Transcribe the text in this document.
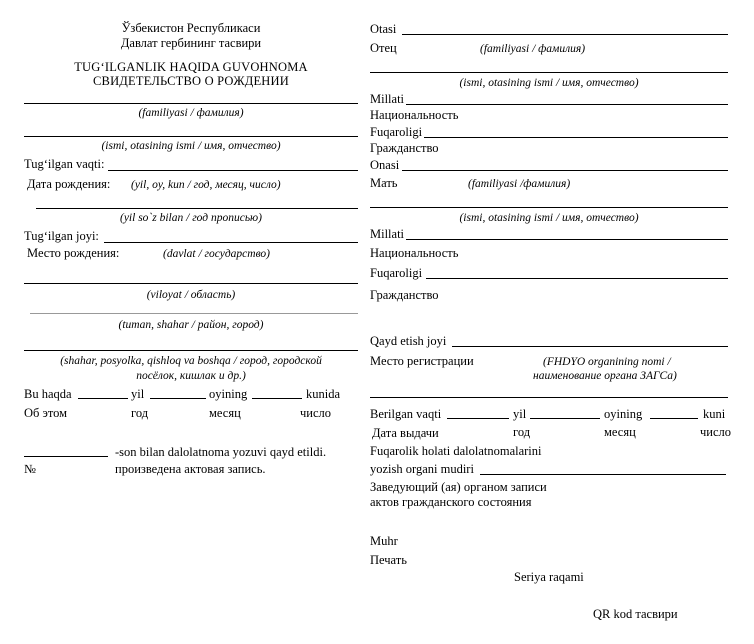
Ўзбекистон Республикаси
Давлат гербининг тасвири
TUG‘ILGANLIK HAQIDA GUVOHNOMA
СВИДЕТЕЛЬСТВО О РОЖДЕНИИ
(familiyasi / фамилия)
(ismi, otasining ismi / имя, отчество)
Tug‘ilgan vaqti:
Дата рождения: (yil, oy, kun / год, месяц, число)
(yil so`z bilan / год прописью)
Tug‘ilgan joyi:
Место рождения:	(davlat / государство)
(viloyat / область)
(tuman, shahar / район, город)
(shahar, posyolka, qishloq va boshqa / город, городской
посёлок, кишлак и др.)
Bu haqda	yil	oyining	kunida
Об этом	год	месяц	число
-son bilan dalolatnoma yozuvi qayd etildi.
№	произведена актовая запись.
Otasi
Отец	(familiyasi / фамилия)
(ismi, otasining ismi / имя, отчество)
Millati
Национальность
Fuqaroligi
Гражданство
Onasi
Мать	(familiyasi /фамилия)
(ismi, otasining ismi / имя, отчество)
Millati
Национальность
Fuqaroligi
Гражданство
Qayd etish joyi
Место регистрации	(FHDYO organining nomi /
наименование органа ЗАГСа)
Berilgan vaqti	yil	oyining	kuni
Дата выдачи	год	месяц	число
Fuqarolik holati dalolatnomalarini
yozish organi mudiri
Заведующий (ая) органом записи
актов гражданского состояния
Muhr
Печать
Seriya raqami
QR kod тасвири
